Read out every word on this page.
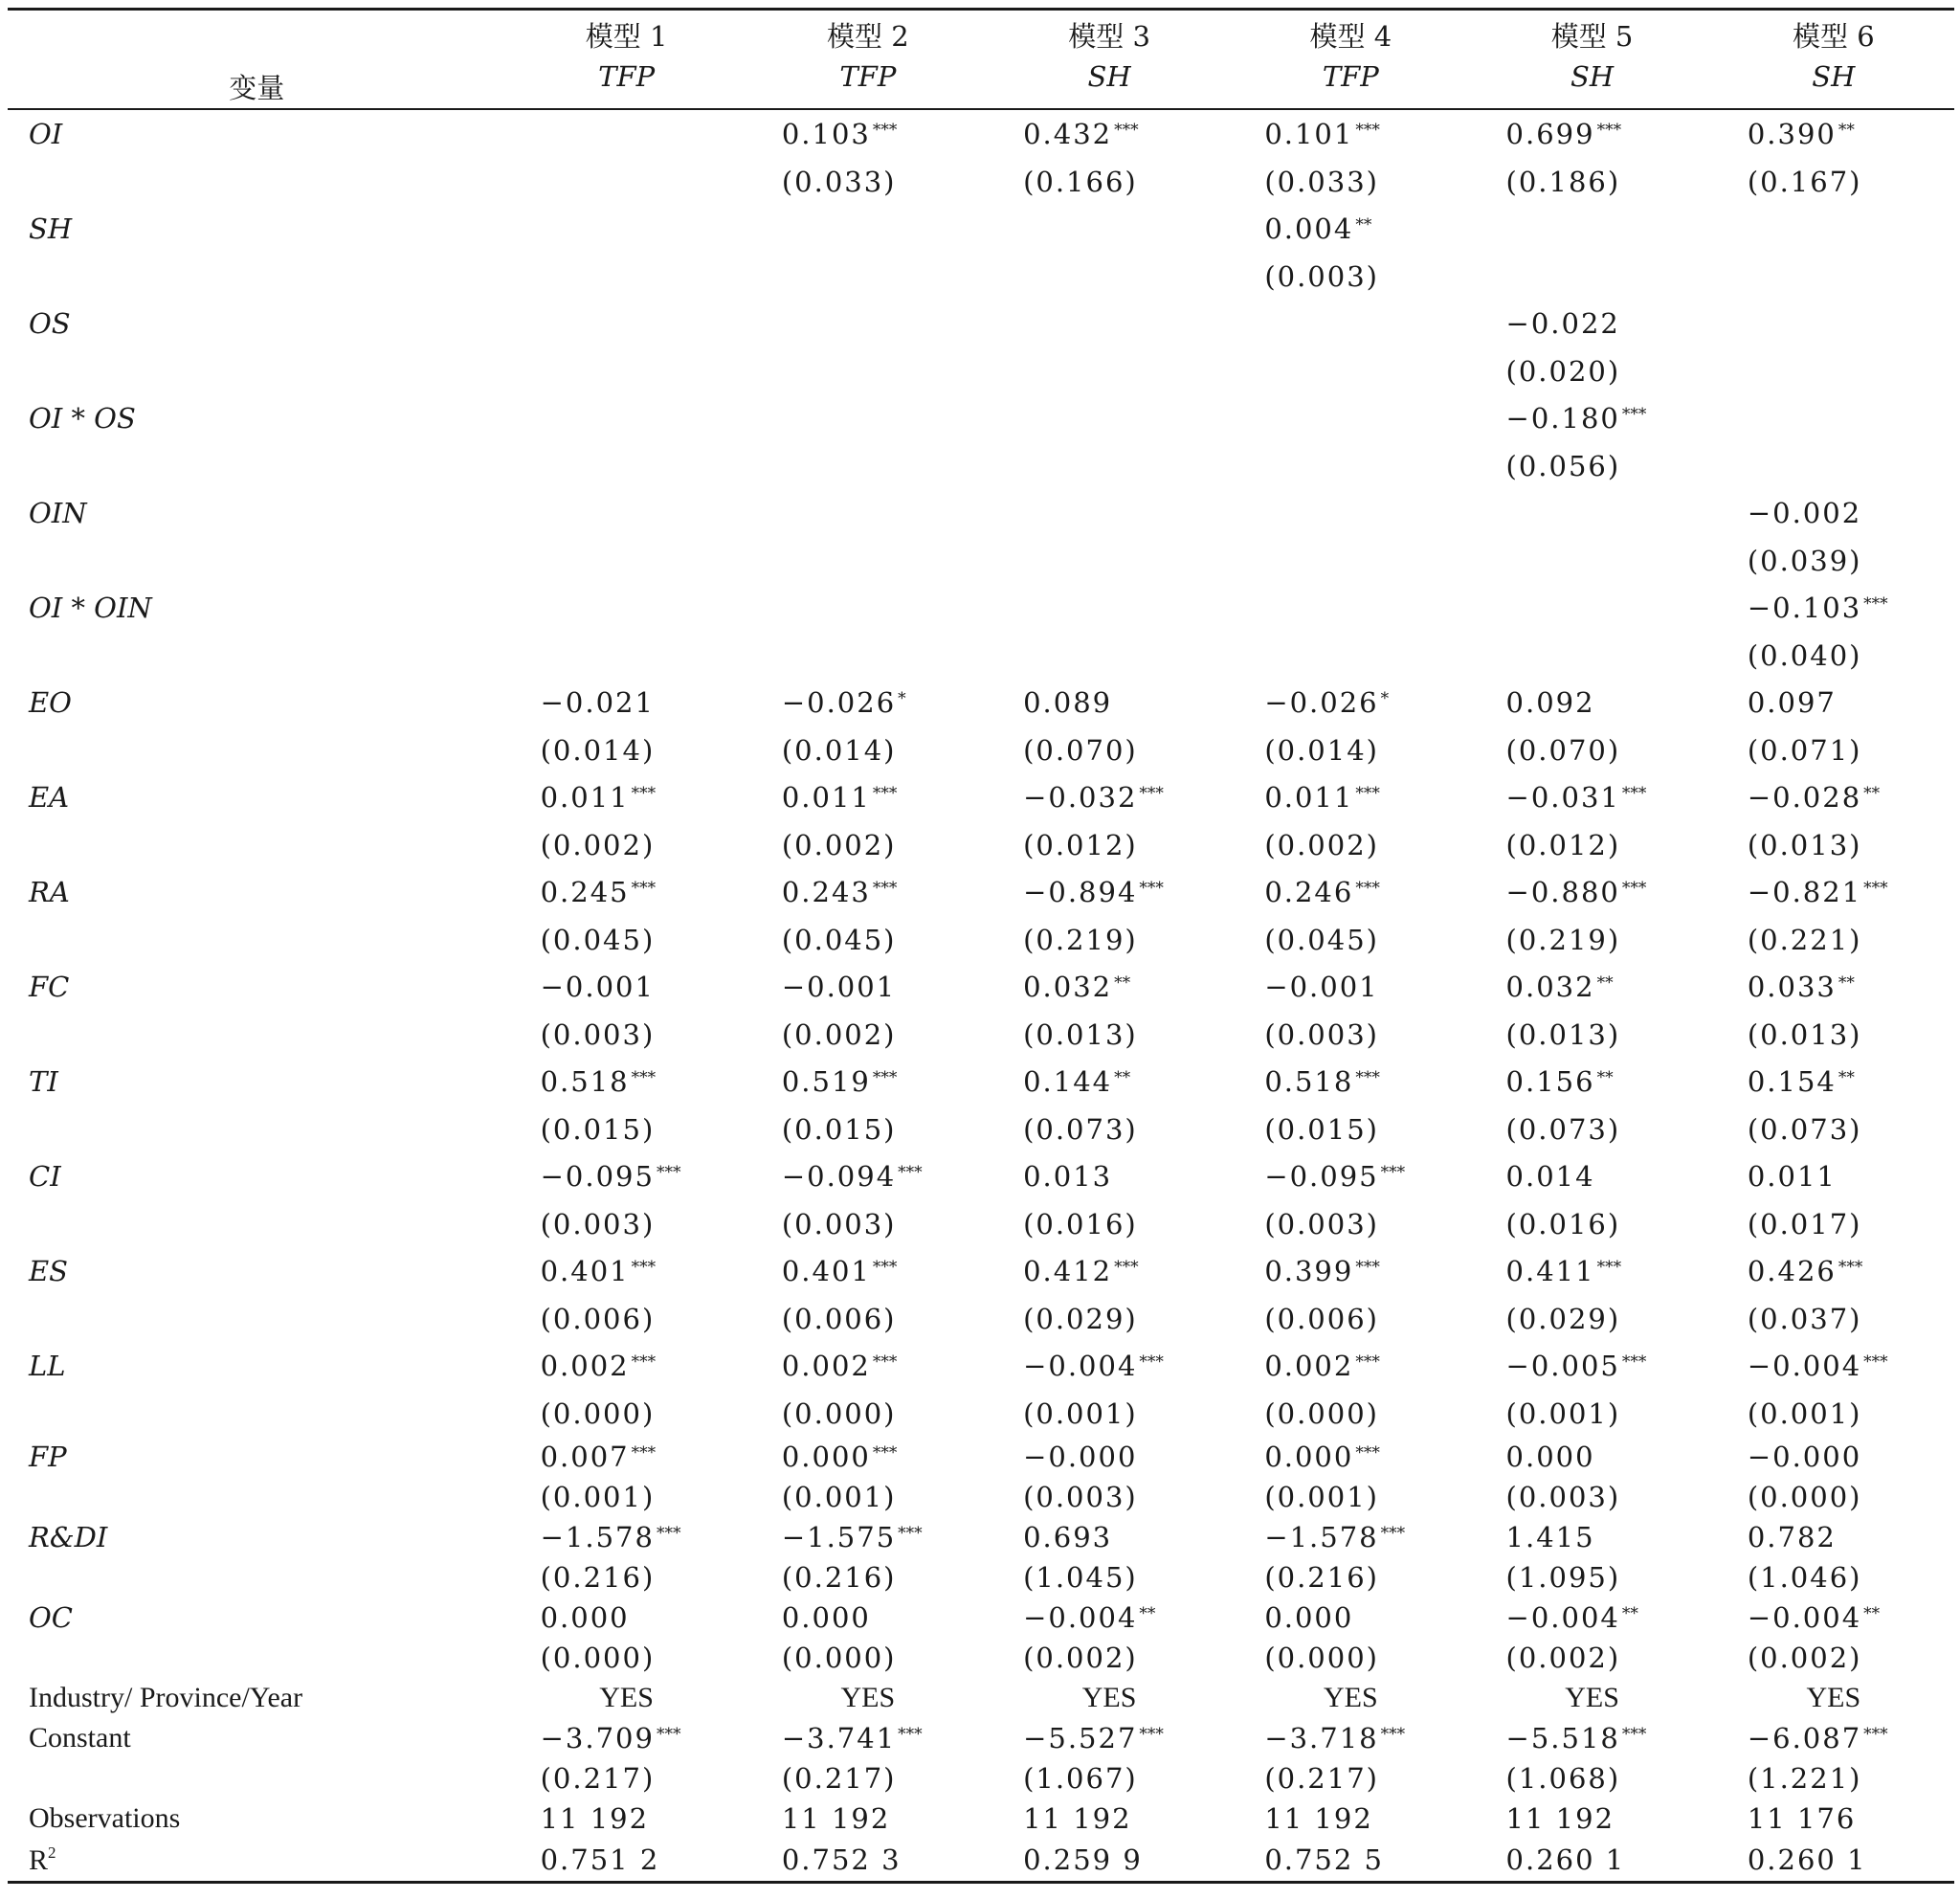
变量	模型 1	模型 2	模型 3	模型 4	模型 5	模型 6
	TFP	TFP	SH	TFP	SH	SH
OI		0.103 ***	0.432 ***	0.101 ***	0.699 ***	0.390 **
		(0.033)	(0.166)	(0.033)	(0.186)	(0.167)
SH				0.004 **		
				(0.003)		
OS					−0.022	
					(0.020)	
OI * OS					−0.180 ***	
					(0.056)	
OIN						−0.002
						(0.039)
OI * OIN						−0.103 ***
						(0.040)
EO	−0.021	−0.026 *	0.089	−0.026 *	0.092	0.097
	(0.014)	(0.014)	(0.070)	(0.014)	(0.070)	(0.071)
EA	0.011 ***	0.011 ***	−0.032 ***	0.011 ***	−0.031 ***	−0.028 **
	(0.002)	(0.002)	(0.012)	(0.002)	(0.012)	(0.013)
RA	0.245 ***	0.243 ***	−0.894 ***	0.246 ***	−0.880 ***	−0.821 ***
	(0.045)	(0.045)	(0.219)	(0.045)	(0.219)	(0.221)
FC	−0.001	−0.001	0.032 **	−0.001	0.032 **	0.033 **
	(0.003)	(0.002)	(0.013)	(0.003)	(0.013)	(0.013)
TI	0.518 ***	0.519 ***	0.144 **	0.518 ***	0.156 **	0.154 **
	(0.015)	(0.015)	(0.073)	(0.015)	(0.073)	(0.073)
CI	−0.095 ***	−0.094 ***	0.013	−0.095 ***	0.014	0.011
	(0.003)	(0.003)	(0.016)	(0.003)	(0.016)	(0.017)
ES	0.401 ***	0.401 ***	0.412 ***	0.399 ***	0.411 ***	0.426 ***
	(0.006)	(0.006)	(0.029)	(0.006)	(0.029)	(0.037)
LL	0.002 ***	0.002 ***	−0.004 ***	0.002 ***	−0.005 ***	−0.004 ***
	(0.000)	(0.000)	(0.001)	(0.000)	(0.001)	(0.001)
FP	0.007 ***	0.000 ***	−0.000	0.000 ***	0.000	−0.000
	(0.001)	(0.001)	(0.003)	(0.001)	(0.003)	(0.000)
R&DI	−1.578 ***	−1.575 ***	0.693	−1.578 ***	1.415	0.782
	(0.216)	(0.216)	(1.045)	(0.216)	(1.095)	(1.046)
OC	0.000	0.000	−0.004 **	0.000	−0.004 **	−0.004 **
	(0.000)	(0.000)	(0.002)	(0.000)	(0.002)	(0.002)
Industry/ Province/Year	YES	YES	YES	YES	YES	YES
Constant	−3.709 ***	−3.741 ***	−5.527 ***	−3.718 ***	−5.518 ***	−6.087 ***
	(0.217)	(0.217)	(1.067)	(0.217)	(1.068)	(1.221)
Observations	11 192	11 192	11 192	11 192	11 192	11 176
$R^2$	0.751 2	0.752 3	0.259 9	0.752 5	0.260 1	0.260 1
